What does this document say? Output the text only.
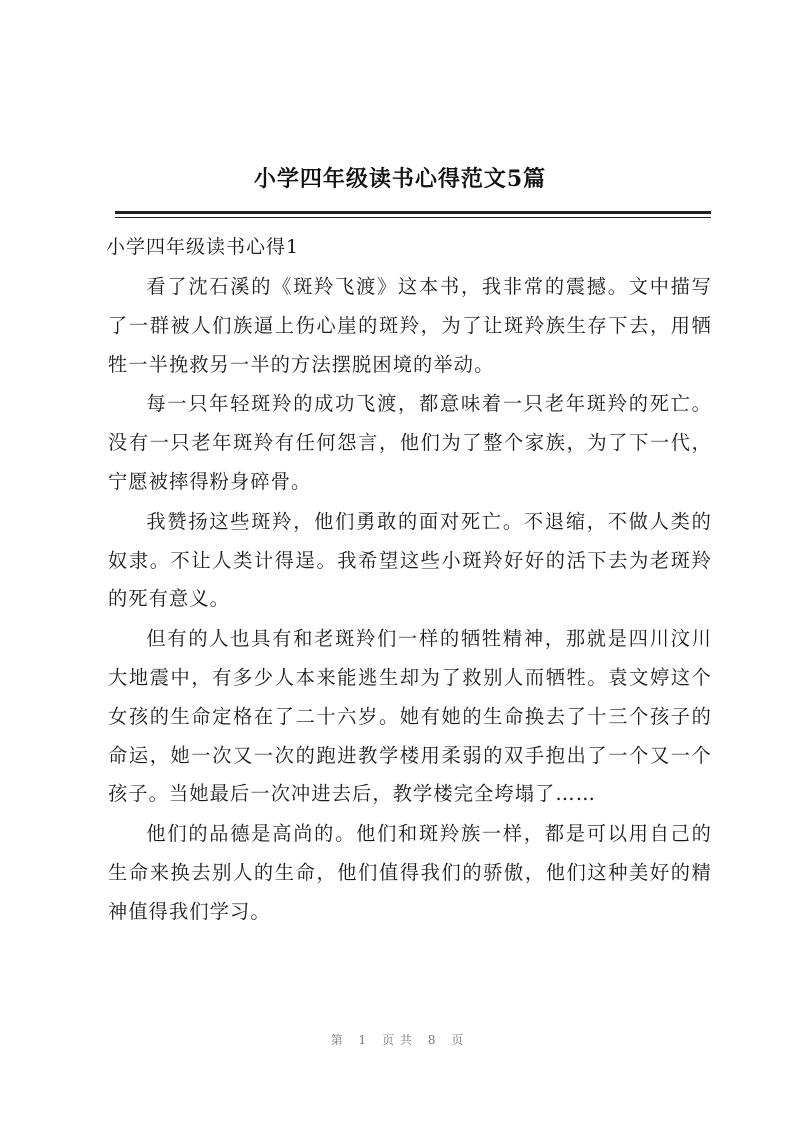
小学四年级读书心得范文5篇
小学四年级读书心得1

看了沈石溪的《斑羚飞渡》这本书，我非常的震撼。文中描写了一群被人们族逼上伤心崖的斑羚，为了让斑羚族生存下去，用牺牲一半挽救另一半的方法摆脱困境的举动。

每一只年轻斑羚的成功飞渡，都意味着一只老年斑羚的死亡。没有一只老年斑羚有任何怨言，他们为了整个家族，为了下一代，宁愿被摔得粉身碎骨。

我赞扬这些斑羚，他们勇敢的面对死亡。不退缩，不做人类的奴隶。不让人类计得逞。我希望这些小斑羚好好的活下去为老斑羚的死有意义。

但有的人也具有和老斑羚们一样的牺牲精神，那就是四川汶川大地震中，有多少人本来能逃生却为了救别人而牺牲。袁文婷这个女孩的生命定格在了二十六岁。她有她的生命换去了十三个孩子的命运，她一次又一次的跑进教学楼用柔弱的双手抱出了一个又一个孩子。当她最后一次冲进去后，教学楼完全垮塌了……

他们的品德是高尚的。他们和斑羚族一样，都是可以用自己的生命来换去别人的生命，他们值得我们的骄傲，他们这种美好的精神值得我们学习。

第 1 页共 8 页
